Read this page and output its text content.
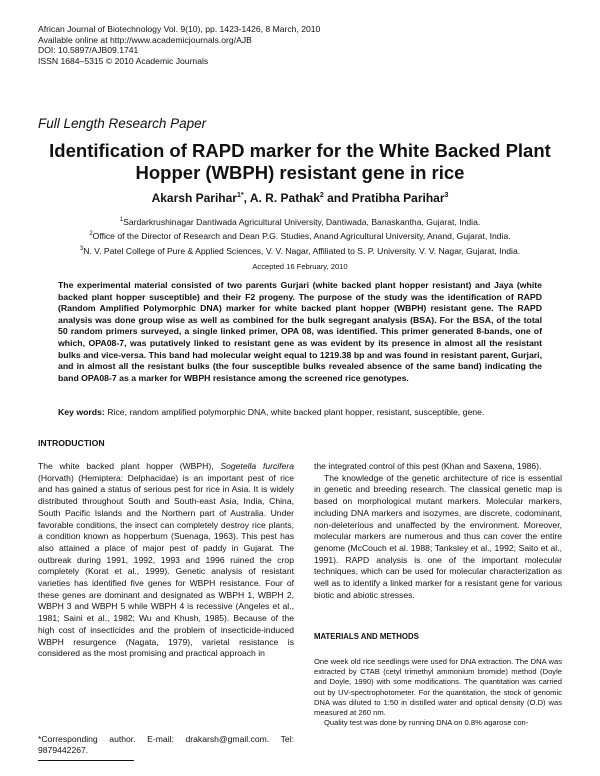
African Journal of Biotechnology Vol. 9(10), pp. 1423-1426, 8 March, 2010
Available online at http://www.academicjournals.org/AJB
DOI: 10.5897/AJB09.1741
ISSN 1684–5315 © 2010 Academic Journals
Full Length Research Paper
Identification of RAPD marker for the White Backed Plant Hopper (WBPH) resistant gene in rice
Akarsh Parihar$^{1*}$, A. R. Pathak$^2$ and Pratibha Parihar$^3$
$^1$Sardarkrushinagar Dantiwada Agricultural University, Dantiwada, Banaskantha, Gujarat, India.
$^2$Office of the Director of Research and Dean P.G. Studies, Anand Agricultural University, Anand, Gujarat, India.
$^3$N. V. Patel College of Pure & Applied Sciences, V. V. Nagar, Affiliated to S. P. University. V. V. Nagar, Gujarat, India.
Accepted 16 February, 2010
The experimental material consisted of two parents Gurjari (white backed plant hopper resistant) and Jaya (white backed plant hopper susceptible) and their F2 progeny. The purpose of the study was the identification of RAPD (Random Amplified Polymorphic DNA) marker for white backed plant hopper (WBPH) resistant gene. The RAPD analysis was done group wise as well as combined for the bulk segregant analysis (BSA). For the BSA, of the total 50 random primers surveyed, a single linked primer, OPA 08, was identified. This primer generated 8-bands, one of which, OPA08-7, was putatively linked to resistant gene as was evident by its presence in almost all the resistant bulks and vice-versa. This band had molecular weight equal to 1219.38 bp and was found in resistant parent, Gurjari, and in almost all the resistant bulks (the four susceptible bulks revealed absence of the same band) indicating the band OPA08-7 as a marker for WBPH resistance among the screened rice genotypes.
Key words: Rice, random amplified polymorphic DNA, white backed plant hopper, resistant, susceptible, gene.
INTRODUCTION

The white backed plant hopper (WBPH), Sogetella furcifera (Horvath) (Hemiptera: Delphacidae) is an important pest of rice and has gained a status of serious pest for rice in Asia. It is widely distributed throughout South and South-east Asia, India, China, South Pacific Islands and the Northern part of Australia. Under favorable conditions, the insect can completely destroy rice plants, a condition known as hopperburn (Suenaga, 1963). This pest has also attained a place of major pest of paddy in Gujarat. The outbreak during 1991, 1992, 1993 and 1996 ruined the crop completely (Korat et al., 1999). Genetic analysis of resistant varieties has identified five genes for WBPH resistance. Four of these genes are dominant and designated as WBPH 1, WBPH 2, WBPH 3 and WBPH 5 while WBPH 4 is recessive (Angeles et al., 1981; Saini et al., 1982; Wu and Khush, 1985). Because of the high cost of insecticides and the problem of insecticide-induced WBPH resurgence (Nagata, 1979), varietal resistance is considered as the most promising and practical approach in

*Corresponding author. E-mail: drakarsh@gmail.com. Tel: 9879442267.

the integrated control of this pest (Khan and Saxena, 1986).

The knowledge of the genetic architecture of rice is essential in genetic and breeding research. The classical genetic map is based on morphological mutant markers. Molecular markers, including DNA markers and isozymes, are discrete, codominant, non-deleterious and unaffected by the environment. Moreover, molecular markers are numerous and thus can cover the entire genome (McCouch et al. 1988; Tanksley et al., 1992; Saito et al., 1991). RAPD analysis is one of the important molecular techniques, which can be used for molecular characterization as well as to identify a linked marker for a resistant gene for various biotic and abiotic stresses.

MATERIALS AND METHODS

One week old rice seedlings were used for DNA extraction. The DNA was extracted by CTAB (cetyl trimethyl ammonium bromide) method (Doyle and Doyle, 1990) with some modifications. The quantitation was carried out by UV-spectrophotometer. For the quantitation, the stock of genomic DNA was diluted to 1:50 in distilled water and optical density (O.D) was measured at 260 nm.

Quality test was done by running DNA on 0.8% agarose con-
